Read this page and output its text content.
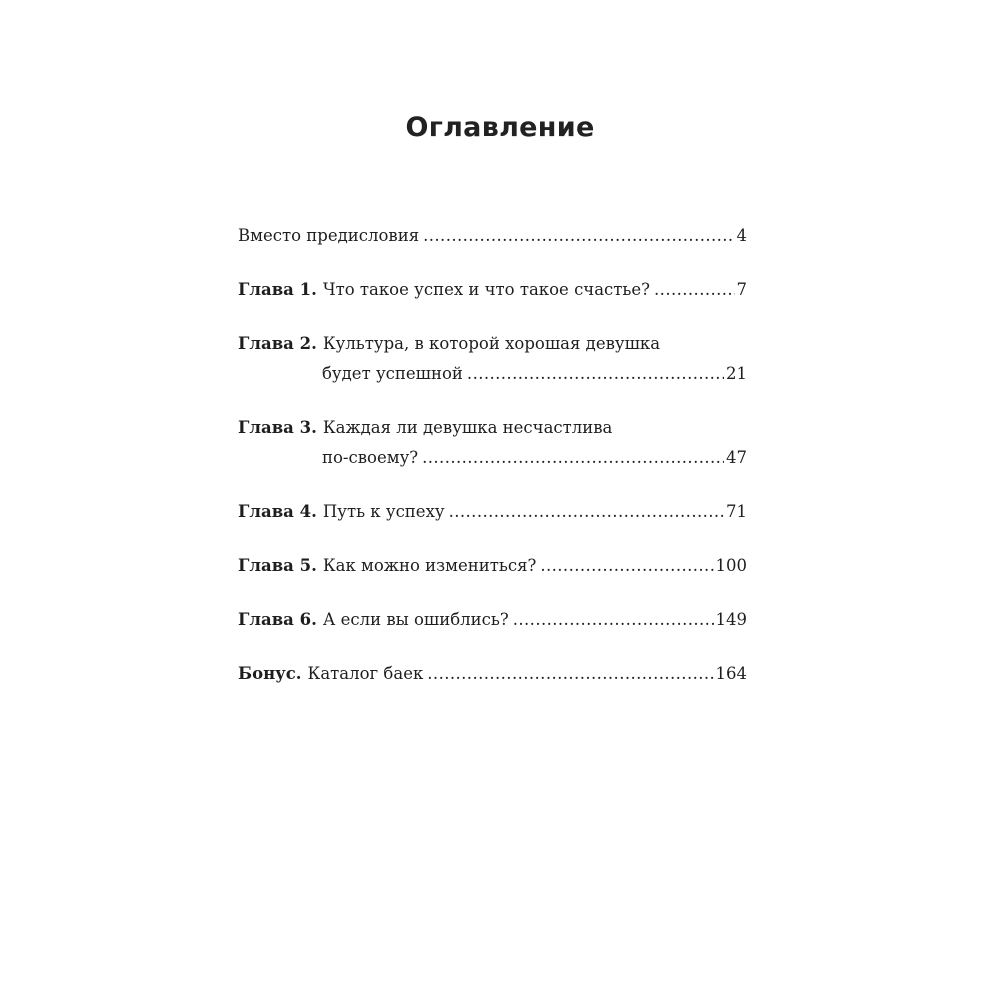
Оглавление
Вместо предисловия .....	4
Глава 1. Что такое успех и что такое счастье? .....	7
Глава 2. Культура, в которой хорошая девушка
будет успешной .....	21
Глава 3. Каждая ли девушка несчастлива
по-своему? .....	47
Глава 4. Путь к успеху .....	71
Глава 5. Как можно измениться? .....	100
Глава 6. А если вы ошиблись? .....	149
Бонус. Каталог баек .....	164
